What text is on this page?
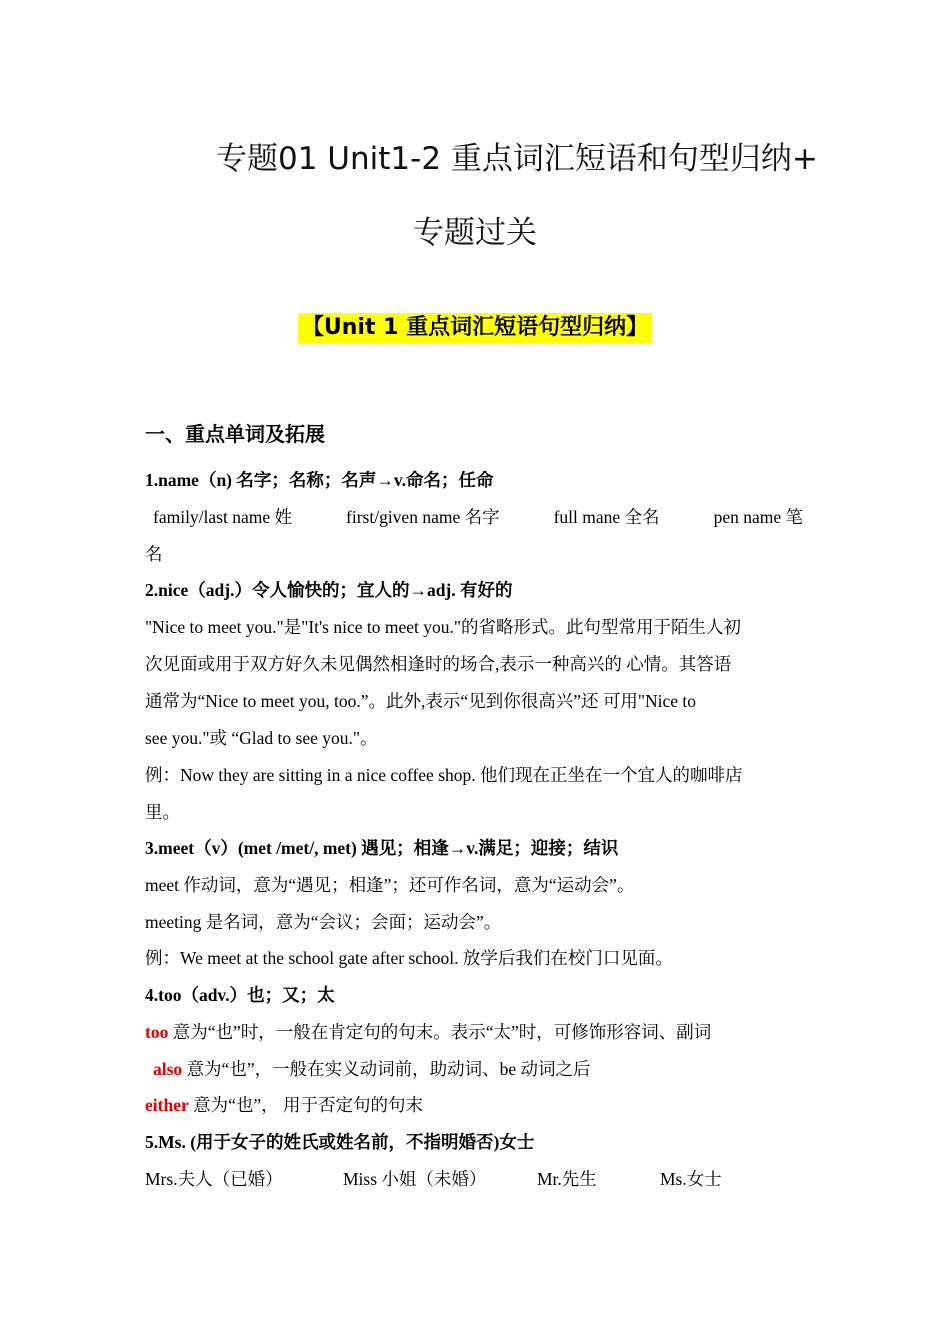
专题01 Unit1-2 重点词汇短语和句型归纳+
专题过关
【Unit 1 重点词汇短语句型归纳】
一、重点单词及拓展
1.name（n) 名字；名称；名声→v.命名；任命
family/last name 姓	first/given name 名字	full mane 全名	pen name 笔
名
2.nice（adj.）令人愉快的；宜人的→adj. 有好的
"Nice to meet you."是"It's nice to meet you."的省略形式。此句型常用于陌生人初
次见面或用于双方好久未见偶然相逢时的场合,表示一种高兴的 心情。其答语
通常为“Nice to meet you, too.”。此外,表示“见到你很高兴”还 可用"Nice to
see you."或 “Glad to see you."。
例：Now they are sitting in a nice coffee shop. 他们现在正坐在一个宜人的咖啡店
里。
3.meet（v）(met /met/, met) 遇见；相逢→v.满足；迎接；结识
meet 作动词，意为“遇见；相逢”；还可作名词，意为“运动会”。
meeting 是名词，意为“会议；会面；运动会”。
例：We meet at the school gate after school. 放学后我们在校门口见面。
4.too（adv.）也；又；太
too 意为“也”时，一般在肯定句的句末。表示“太”时，可修饰形容词、副词
also 意为“也”，一般在实义动词前，助动词、be 动词之后
either 意为“也”， 用于否定句的句末
5.Ms. (用于女子的姓氏或姓名前，不指明婚否)女士
Mrs.夫人（已婚）	Miss 小姐（未婚）	Mr.先生	Ms.女士
